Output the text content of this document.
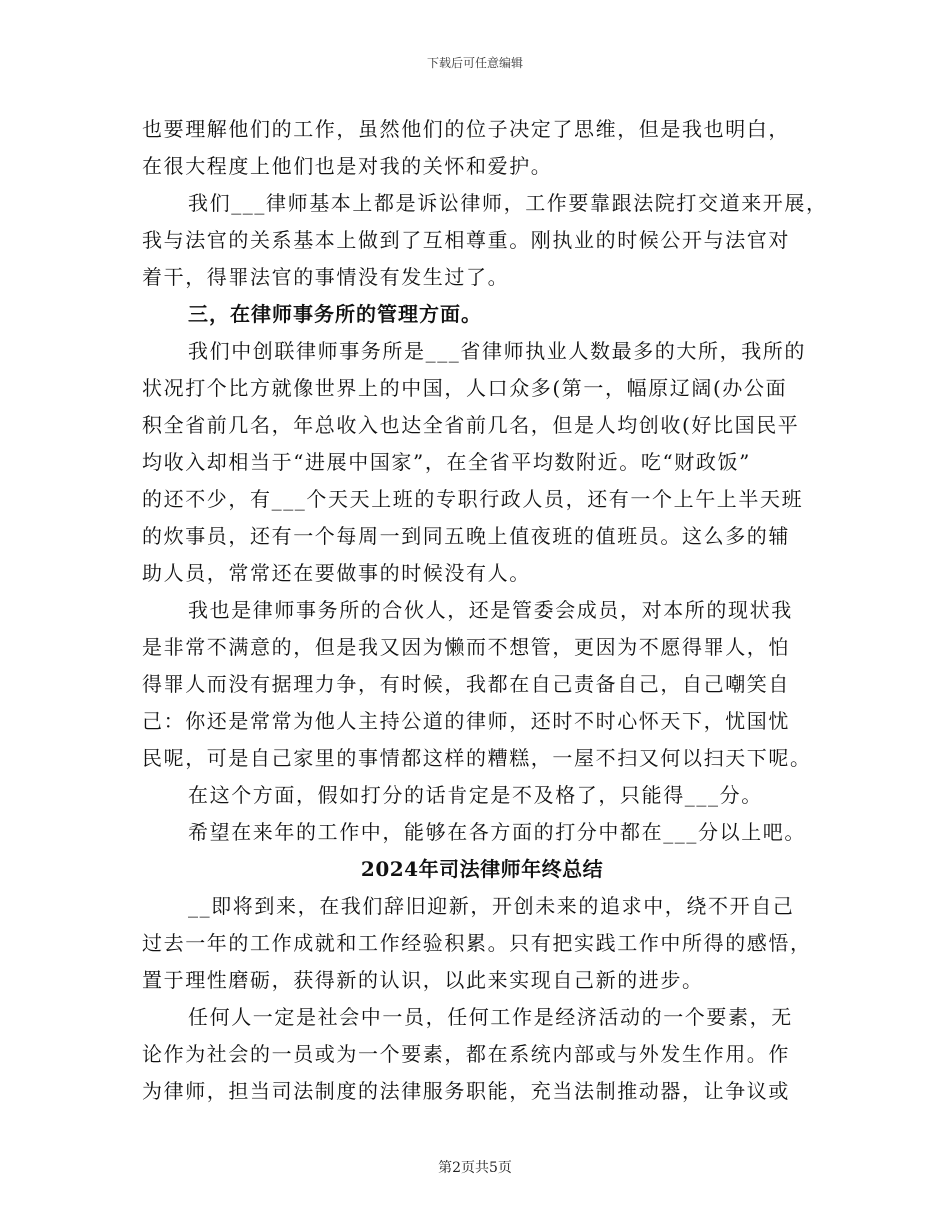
下载后可任意编辑
也要理解他们的工作，虽然他们的位子决定了思维，但是我也明白，
在很大程度上他们也是对我的关怀和爱护。
我们___律师基本上都是诉讼律师，工作要靠跟法院打交道来开展，
我与法官的关系基本上做到了互相尊重。刚执业的时候公开与法官对
着干，得罪法官的事情没有发生过了。
三，在律师事务所的管理方面。
我们中创联律师事务所是___省律师执业人数最多的大所，我所的
状况打个比方就像世界上的中国，人口众多(第一，幅原辽阔(办公面
积全省前几名，年总收入也达全省前几名，但是人均创收(好比国民平
均收入却相当于“进展中国家”，在全省平均数附近。吃“财政饭”
的还不少，有___个天天上班的专职行政人员，还有一个上午上半天班
的炊事员，还有一个每周一到同五晚上值夜班的值班员。这么多的辅
助人员，常常还在要做事的时候没有人。
我也是律师事务所的合伙人，还是管委会成员，对本所的现状我
是非常不满意的，但是我又因为懒而不想管，更因为不愿得罪人，怕
得罪人而没有据理力争，有时候，我都在自己责备自己，自己嘲笑自
己：你还是常常为他人主持公道的律师，还时不时心怀天下，忧国忧
民呢，可是自己家里的事情都这样的糟糕，一屋不扫又何以扫天下呢。
在这个方面，假如打分的话肯定是不及格了，只能得___分。
希望在来年的工作中，能够在各方面的打分中都在___分以上吧。
2024年司法律师年终总结
__即将到来，在我们辞旧迎新，开创未来的追求中，绕不开自己
过去一年的工作成就和工作经验积累。只有把实践工作中所得的感悟，
置于理性磨砺，获得新的认识，以此来实现自己新的进步。
任何人一定是社会中一员，任何工作是经济活动的一个要素，无
论作为社会的一员或为一个要素，都在系统内部或与外发生作用。作
为律师，担当司法制度的法律服务职能，充当法制推动器，让争议或
第2页共5页
